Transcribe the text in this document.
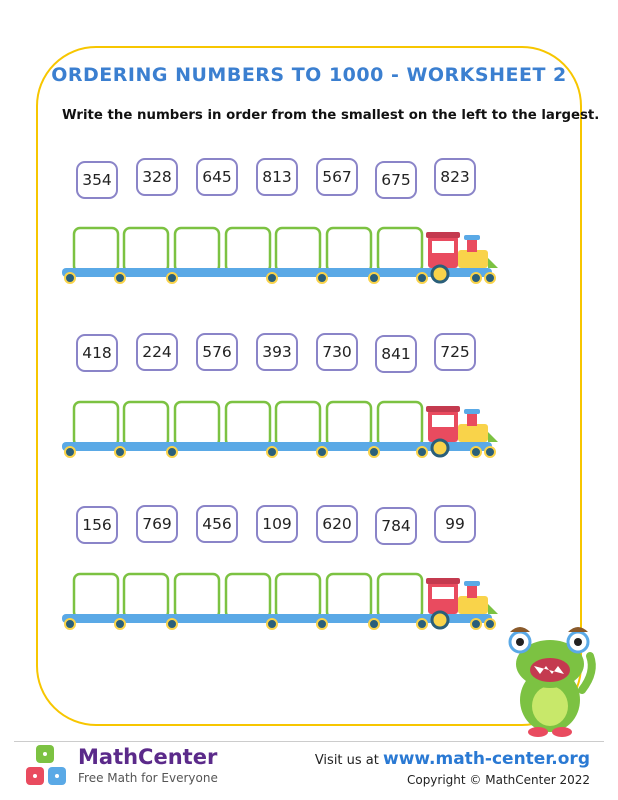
ORDERING NUMBERS TO 1000 - WORKSHEET 2
Write the numbers in order from the smallest on the left to the largest.
354	328	645	813	567	675	823
418	224	576	393	730	841	725
156	769	456	109	620	784	99
MathCenter
Free Math for Everyone
Visit us at www.math-center.org
Copyright © MathCenter 2022
